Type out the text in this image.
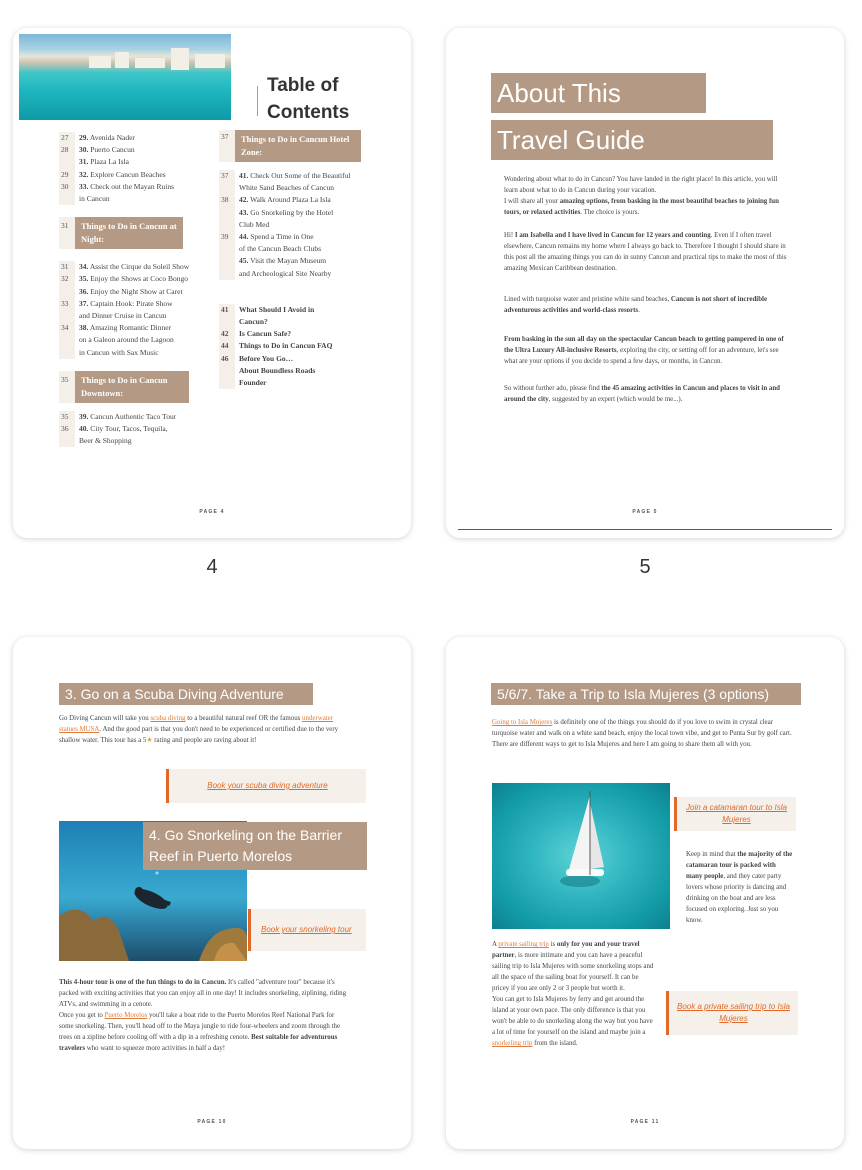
Table of
Contents
27	29. Avenida Nader
28	30. Puerto Cancun
31. Plaza La Isla
29	32. Explore Cancun Beaches
30	33. Check out the Mayan Ruins
in Cancun
31	Things to Do in Cancun at Night:
31	34. Assist the Cirque du Soleil Show
32	35. Enjoy the Shows at Coco Bongo
36. Enjoy the Night Show at Caret
33	37. Captain Hook: Pirate Show
and Dinner Cruise in Cancun
34	38. Amazing Romantic Dinner
on a Galeon around the Lagoon
in Cancun with Sax Music
35	Things to Do in Cancun Downtown:
35	39. Cancun Authentic Taco Tour
36	40. City Tour, Tacos, Tequila,
Beer & Shopping
37	Things to Do in Cancun Hotel Zone:
37	41. Check Out Some of the Beautiful
White Sand Beaches of Cancun
38	42. Walk Around Plaza La Isla
43. Go Snorkeling by the Hotel
Club Med
39	44. Spend a Time in One
of the Cancun Beach Clubs
45. Visit the Mayan Museum
and Archeological Site Nearby
41	What Should I Avoid in
Cancun?
42	Is Cancun Safe?
44	Things to Do in Cancun FAQ
46	Before You Go…
About Boundless Roads
Founder
PAGE 4
4
About This
Travel Guide

Wondering about what to do in Cancun? You have landed in the right place! In this article, you will learn about what to do in Cancun during your vacation.
I will share all your amazing options, from basking in the most beautiful beaches to joining fun tours, or relaxed activities. The choice is yours.

Hi! I am Isabella and I have lived in Cancun for 12 years and counting. Even if I often travel elsewhere, Cancun remains my home where I always go back to. Therefore I thought I should share in this post all the amazing things you can do in sunny Cancun and practical tips to make the most of this amazing Mexican Caribbean destination.

Lined with turquoise water and pristine white sand beaches, Cancun is not short of incredible adventurous activities and world-class resorts.

From basking in the sun all day on the spectacular Cancun beach to getting pampered in one of the Ultra Luxury All-inclusive Resorts, exploring the city, or setting off for an adventure, let's see what are your options if you decide to spend a few days, or months, in Cancun.

So without further ado, please find the 45 amazing activities in Cancun and places to visit in and around the city, suggested by an expert (which would be me...).

PAGE 5
5
3. Go on a Scuba Diving Adventure
Go Diving Cancun will take you scuba diving to a beautiful natural reef OR the famous underwater statues MUSA. And the good part is that you don't need to be experienced or certified due to the very shallow water. This tour has a 5★ rating and people are raving about it!
Book your scuba diving adventure
4. Go Snorkeling on the Barrier Reef in Puerto Morelos
Book your snorkeling tour
This 4-hour tour is one of the fun things to do in Cancun. It's called "adventure tour" because it's packed with exciting activities that you can enjoy all in one day! It includes snorkeling, ziplining, riding ATVs, and swimming in a cenote.
Once you get to Puerto Morelos you'll take a boat ride to the Puerto Morelos Reef National Park for some snorkeling. Then, you'll head off to the Maya jungle to ride four-wheelers and zoom through the trees on a zipline before cooling off with a dip in a refreshing cenote. Best suitable for adventurous travelers who want to squeeze more activities in half a day!
PAGE 10
5/6/7. Take a Trip to Isla Mujeres (3 options)
Going to Isla Mujeres is definitely one of the things you should do if you love to swim in crystal clear turquoise water and walk on a white sand beach, enjoy the local town vibe, and get to Punta Sur by golf cart. There are different ways to get to Isla Mujeres and here I am going to share them all with you.
Join a catamaran tour to Isla Mujeres
Keep in mind that the majority of the catamaran tour is packed with many people, and they cater party lovers whose priority is dancing and drinking on the boat and are less focused on exploring. Just so you know.
A private sailing trip is only for you and your travel partner, is more intimate and you can have a peaceful sailing trip to Isla Mujeres with some snorkeling stops and all the space of the sailing boat for yourself. It can be pricey if you are only 2 or 3 people but worth it.
You can get to Isla Mujeres by ferry and get around the island at your own pace. The only difference is that you won't be able to do snorkeling along the way but you have a lot of time for yourself on the island and maybe join a snorkeling trip from the island.
Book a private sailing trip to Isla Mujeres
PAGE 11
